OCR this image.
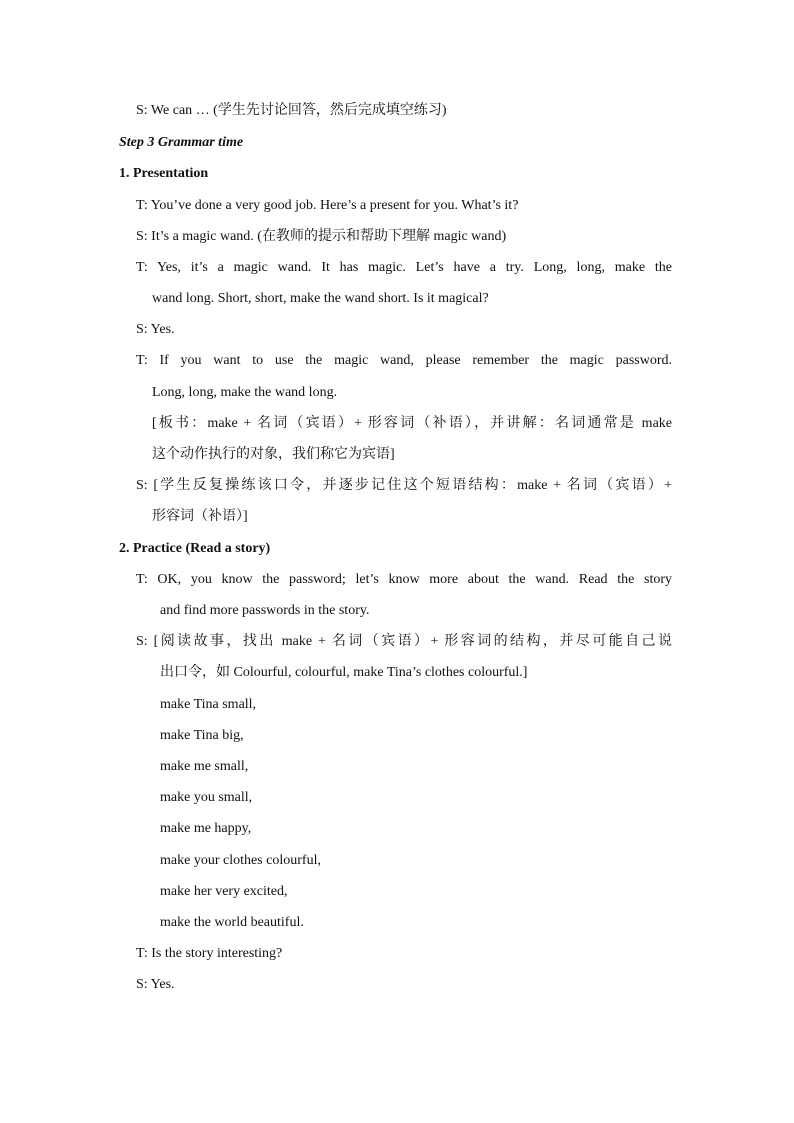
S: We can … (学生先讨论回答，然后完成填空练习)
Step 3 Grammar time
1. Presentation
T: You’ve done a very good job. Here’s a present for you. What’s it?
S: It’s a magic wand. (在教师的提示和帮助下理解 magic wand)
T: Yes, it’s a magic wand. It has magic. Let’s have a try. Long, long, make the
wand long. Short, short, make the wand short. Is it magical?
S: Yes.
T: If you want to use the magic wand, please remember the magic password.
Long, long, make the wand long.
[板书：make + 名词（宾语）+ 形容词（补语），并讲解：名词通常是 make
这个动作执行的对象，我们称它为宾语]
S: [学生反复操练该口令，并逐步记住这个短语结构：make + 名词（宾语）+
形容词（补语）]
2. Practice (Read a story)
T: OK, you know the password; let’s know more about the wand. Read the story
and find more passwords in the story.
S: [阅读故事，找出 make + 名词（宾语）+ 形容词的结构，并尽可能自己说
出口令，如 Colourful, colourful, make Tina’s clothes colourful.]
make Tina small,
make Tina big,
make me small,
make you small,
make me happy,
make your clothes colourful,
make her very excited,
make the world beautiful.
T: Is the story interesting?
S: Yes.
